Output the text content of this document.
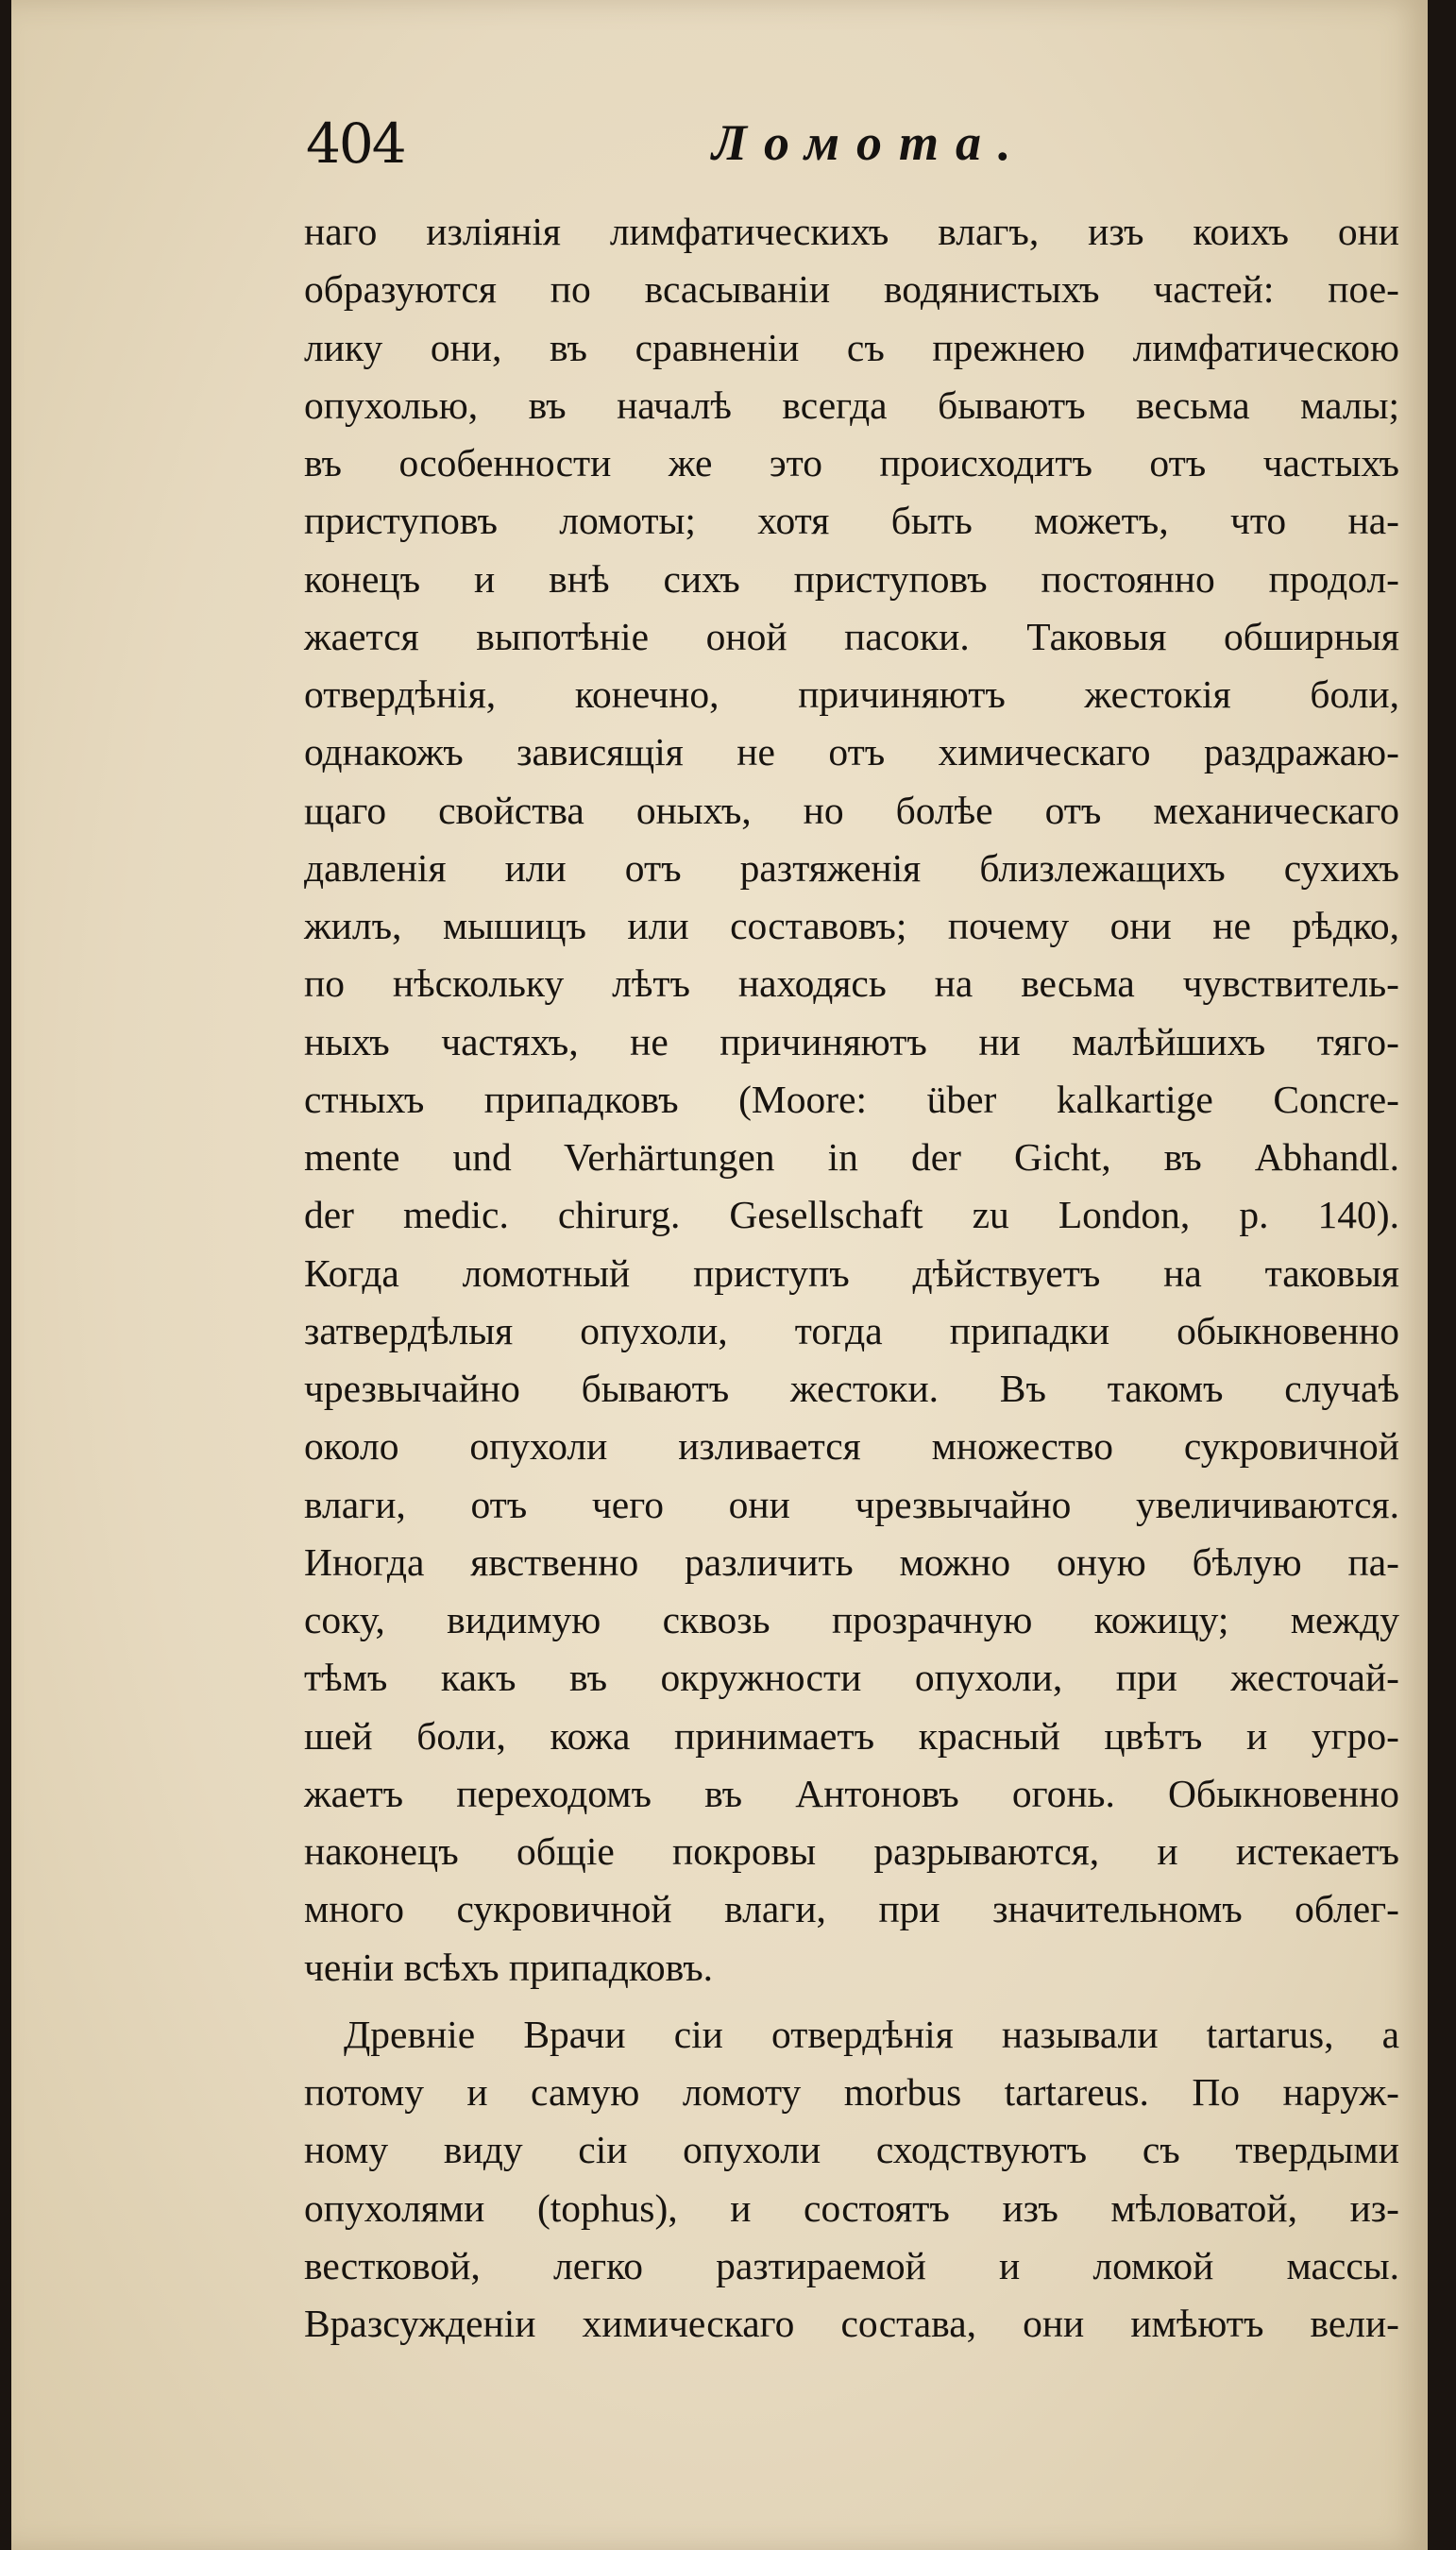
404	Ломота.
наго излiянiя лимфатическихъ влагъ, изъ коихъ они
образуются по всасыванiи водянистыхъ частей: пое-
лику они, въ сравненiи съ прежнею лимфатическою
опухолью, въ началѣ всегда бываютъ весьма малы;
въ особенности же это происходитъ отъ частыхъ
приступовъ ломоты; хотя быть можетъ, что на-
конецъ и внѣ сихъ приступовъ постоянно продол-
жается выпотѣнiе оной пасоки. Таковыя обширныя
отвердѣнiя, конечно, причиняютъ жестокiя боли,
однакожъ зависящiя не отъ химическаго раздражаю-
щаго свойства оныхъ, но болѣе отъ механическаго
давленiя или отъ разтяженiя близлежащихъ сухихъ
жилъ, мышицъ или составовъ; почему они не рѣдко,
по нѣскольку лѣтъ находясь на весьма чувствитель-
ныхъ частяхъ, не причиняютъ ни малѣйшихъ тяго-
стныхъ припадковъ (Moore: über kalkartige Concre-
mente und Verhärtungen in der Gicht, въ Abhandl.
der medic. chirurg. Gesellschaft zu London, p. 140).
Когда ломотный приступъ дѣйствуетъ на таковыя
затвердѣлыя опухоли, тогда припадки обыкновенно
чрезвычайно бываютъ жестоки. Въ такомъ случаѣ
около опухоли изливается множество сукровичной
влаги, отъ чего они чрезвычайно увеличиваются.
Иногда явственно различить можно оную бѣлую па-
соку, видимую сквозь прозрачную кожицу; между
тѣмъ какъ въ окружности опухоли, при жесточай-
шей боли, кожа принимаетъ красный цвѣтъ и угро-
жаетъ переходомъ въ Антоновъ огонь. Обыкновенно
наконецъ общiе покровы разрываются, и истекаетъ
много сукровичной влаги, при значительномъ облег-
ченiи всѣхъ припадковъ.
Древнiе Врачи сiи отвердѣнiя называли tartarus, а
потому и самую ломоту morbus tartareus. По наруж-
ному виду сiи опухоли сходствуютъ съ твердыми
опухолями (tophus), и состоятъ изъ мѣловатой, из-
вестковой, легко разтираемой и ломкой массы.
Вразсужденiи химическаго состава, они имѣютъ вели-
